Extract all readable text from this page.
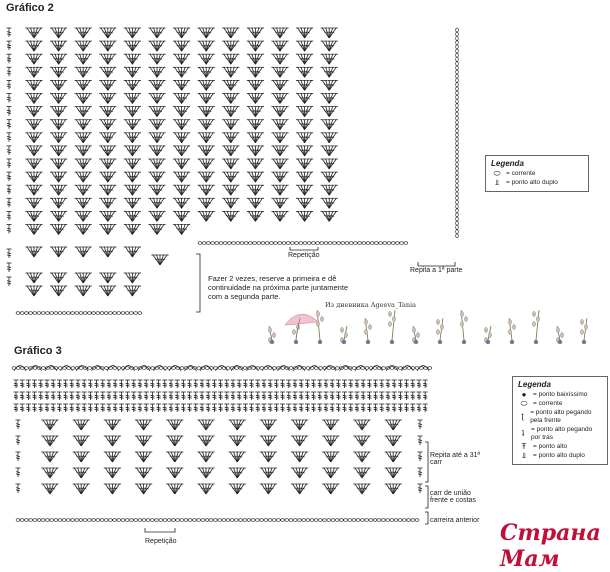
Gráfico 2
Repetição
Repita a 1ª parte
Fazer 2 vezes, reserve a primeira e dê continuidade na próxima parte juntamente com a segunda parte.
Legenda
⬭ = corrente
⫫	= ponto alto duplo
Из дневника Ageeva_Tania
Gráfico 3
Repetição
Repita até a 31ª carr
carr de união frente e costas
carreira anterior
Legenda
●	= ponto baixíssimo
⬭ = corrente
ʈ = ponto alto pegando pela frente
ʇ	= ponto alto pegando por trás
Ŧ	= ponto alto
⫫	= ponto alto duplo
Страна Мам
